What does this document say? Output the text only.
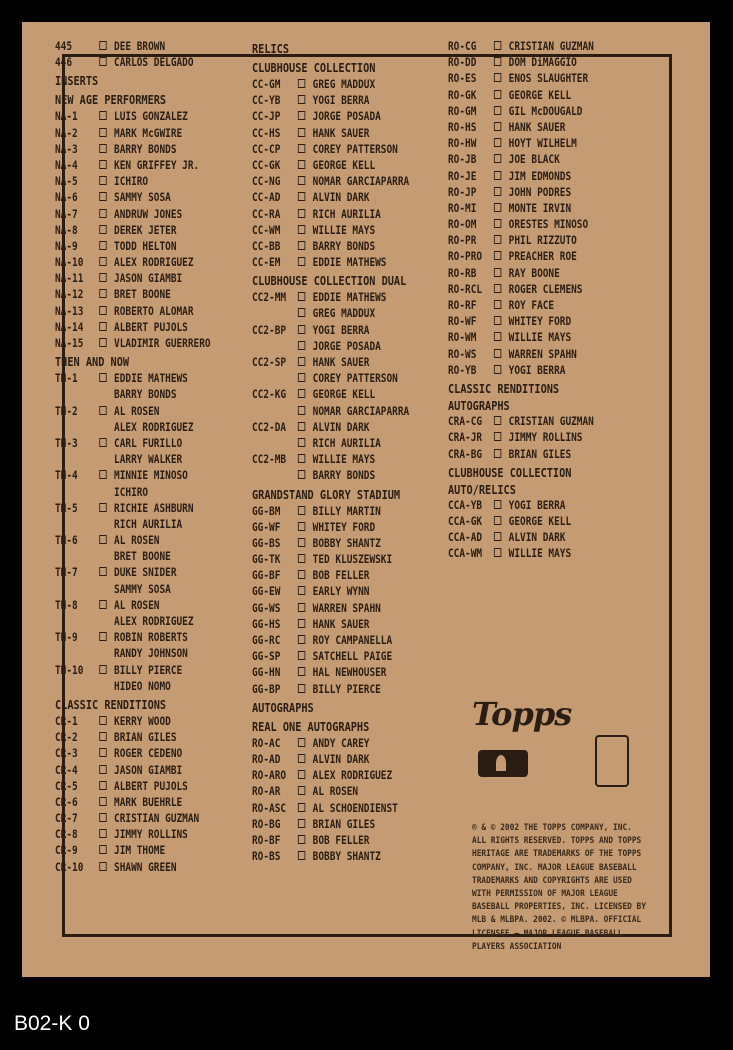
445	DEE BROWN
446	CARLOS DELGADO
INSERTS
NEW AGE PERFORMERS
NA-1	LUIS GONZALEZ
NA-2	MARK McGWIRE
NA-3	BARRY BONDS
NA-4	KEN GRIFFEY JR.
NA-5	ICHIRO
NA-6	SAMMY SOSA
NA-7	ANDRUW JONES
NA-8	DEREK JETER
NA-9	TODD HELTON
NA-10	ALEX RODRIGUEZ
NA-11	JASON GIAMBI
NA-12	BRET BOONE
NA-13	ROBERTO ALOMAR
NA-14	ALBERT PUJOLS
NA-15	VLADIMIR GUERRERO
THEN AND NOW
TN-1	EDDIE MATHEWS
BARRY BONDS
TN-2	AL ROSEN
ALEX RODRIGUEZ
TN-3	CARL FURILLO
LARRY WALKER
TN-4	MINNIE MINOSO
ICHIRO
TN-5	RICHIE ASHBURN
RICH AURILIA
TN-6	AL ROSEN
BRET BOONE
TN-7	DUKE SNIDER
SAMMY SOSA
TN-8	AL ROSEN
ALEX RODRIGUEZ
TN-9	ROBIN ROBERTS
RANDY JOHNSON
TN-10	BILLY PIERCE
HIDEO NOMO
CLASSIC RENDITIONS
CR-1	KERRY WOOD
CR-2	BRIAN GILES
CR-3	ROGER CEDENO
CR-4	JASON GIAMBI
CR-5	ALBERT PUJOLS
CR-6	MARK BUEHRLE
CR-7	CRISTIAN GUZMAN
CR-8	JIMMY ROLLINS
CR-9	JIM THOME
CR-10	SHAWN GREEN
RELICS
CLUBHOUSE COLLECTION
CC-GM	GREG MADDUX
CC-YB	YOGI BERRA
CC-JP	JORGE POSADA
CC-HS	HANK SAUER
CC-CP	COREY PATTERSON
CC-GK	GEORGE KELL
CC-NG	NOMAR GARCIAPARRA
CC-AD	ALVIN DARK
CC-RA	RICH AURILIA
CC-WM	WILLIE MAYS
CC-BB	BARRY BONDS
CC-EM	EDDIE MATHEWS
CLUBHOUSE COLLECTION DUAL
CC2-MM	EDDIE MATHEWS
GREG MADDUX
CC2-BP	YOGI BERRA
JORGE POSADA
CC2-SP	HANK SAUER
COREY PATTERSON
CC2-KG	GEORGE KELL
NOMAR GARCIAPARRA
CC2-DA	ALVIN DARK
RICH AURILIA
CC2-MB	WILLIE MAYS
BARRY BONDS
GRANDSTAND GLORY STADIUM
GG-BM	BILLY MARTIN
GG-WF	WHITEY FORD
GG-BS	BOBBY SHANTZ
GG-TK	TED KLUSZEWSKI
GG-BF	BOB FELLER
GG-EW	EARLY WYNN
GG-WS	WARREN SPAHN
GG-HS	HANK SAUER
GG-RC	ROY CAMPANELLA
GG-SP	SATCHELL PAIGE
GG-HN	HAL NEWHOUSER
GG-BP	BILLY PIERCE
AUTOGRAPHS
REAL ONE AUTOGRAPHS
RO-AC	ANDY CAREY
RO-AD	ALVIN DARK
RO-ARO	ALEX RODRIGUEZ
RO-AR	AL ROSEN
RO-ASC	AL SCHOENDIENST
RO-BG	BRIAN GILES
RO-BF	BOB FELLER
RO-BS	BOBBY SHANTZ
RO-CG	CRISTIAN GUZMAN
RO-DD	DOM DiMAGGIO
RO-ES	ENOS SLAUGHTER
RO-GK	GEORGE KELL
RO-GM	GIL McDOUGALD
RO-HS	HANK SAUER
RO-HW	HOYT WILHELM
RO-JB	JOE BLACK
RO-JE	JIM EDMONDS
RO-JP	JOHN PODRES
RO-MI	MONTE IRVIN
RO-OM	ORESTES MINOSO
RO-PR	PHIL RIZZUTO
RO-PRO	PREACHER ROE
RO-RB	RAY BOONE
RO-RCL	ROGER CLEMENS
RO-RF	ROY FACE
RO-WF	WHITEY FORD
RO-WM	WILLIE MAYS
RO-WS	WARREN SPAHN
RO-YB	YOGI BERRA
CLASSIC RENDITIONS
AUTOGRAPHS
CRA-CG	CRISTIAN GUZMAN
CRA-JR	JIMMY ROLLINS
CRA-BG	BRIAN GILES
CLUBHOUSE COLLECTION
AUTO/RELICS
CCA-YB	YOGI BERRA
CCA-GK	GEORGE KELL
CCA-AD	ALVIN DARK
CCA-WM	WILLIE MAYS
Topps
® & © 2002 THE TOPPS COMPANY, INC. ALL RIGHTS RESERVED. TOPPS AND TOPPS HERITAGE ARE TRADEMARKS OF THE TOPPS COMPANY, INC. MAJOR LEAGUE BASEBALL TRADEMARKS AND COPYRIGHTS ARE USED WITH PERMISSION OF MAJOR LEAGUE BASEBALL PROPERTIES, INC. LICENSED BY MLB & MLBPA. 2002. © MLBPA. OFFICIAL LICENSEE – MAJOR LEAGUE BASEBALL PLAYERS ASSOCIATION
B02-K 0
